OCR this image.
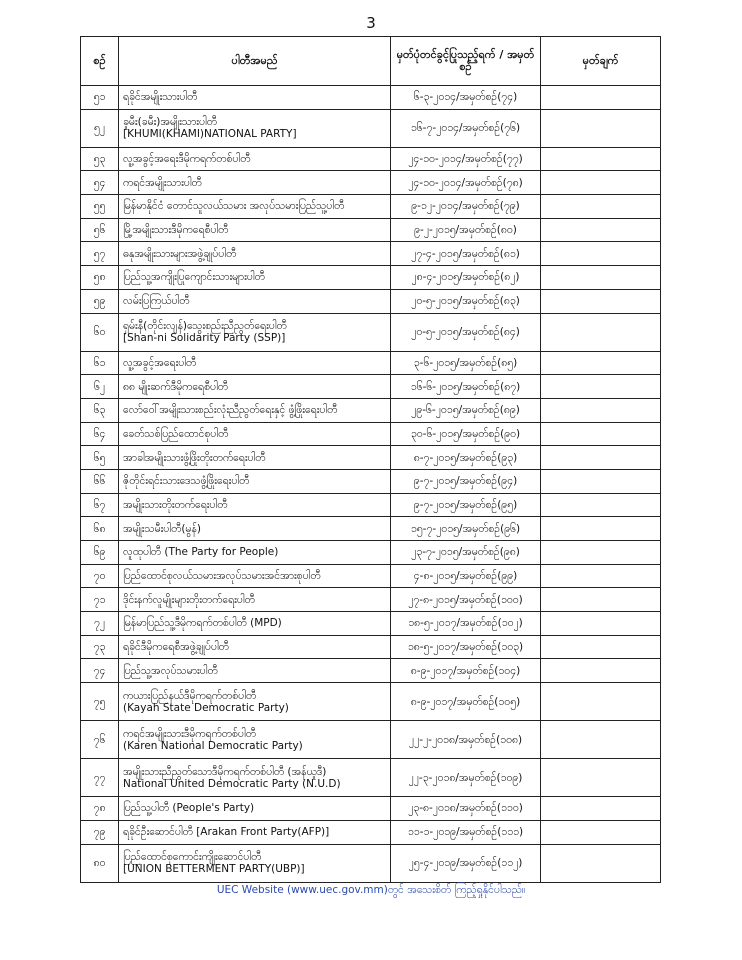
3
စဉ်	ပါတီအမည်	မှတ်ပုံတင်ခွင့်ပြုသည့်ရက် / အမှတ်စဉ်	မှတ်ချက်
၅၁	ရခိုင်အမျိုးသားပါတီ	၆-၃-၂၀၁၄/အမှတ်စဉ်(၇၄)	
၅၂	ခူမီး(ခမီး)အမျိုးသားပါတီ
[KHUMI(KHAMI)NATIONAL PARTY]	၁၆-၇-၂၀၁၄/အမှတ်စဉ်(၇၆)	
၅၃	လူ့အခွင့်အရေးဒီမိုကရက်တစ်ပါတီ	၂၄-၁၀-၂၀၁၄/အမှတ်စဉ်(၇၇)	
၅၄	ကရင်အမျိုးသားပါတီ	၂၄-၁၀-၂၀၁၄/အမှတ်စဉ်(၇၈)	
၅၅	မြန်မာနိုင်ငံ တောင်သူလယ်သမား အလုပ်သမားပြည်သူ့ပါတီ	၉-၁၂-၂၀၁၄/အမှတ်စဉ်(၇၉)	
၅၆	မြို့အမျိုးသားဒီမိုကရေစီပါတီ	၉-၂-၂၀၁၅/အမှတ်စဉ်(၈၀)	
၅၇	ဓနုအမျိုးသားများအဖွဲ့ချုပ်ပါတီ	၂၇-၄-၂၀၁၅/အမှတ်စဉ်(၈၁)	
၅၈	ပြည်သူ့အကျိုးပြုကျောင်းသားများပါတီ	၂၈-၄-၂၀၁၅/အမှတ်စဉ်(၈၂)	
၅၉	လမ်းပြကြယ်ပါတီ	၂၀-၅-၂၀၁၅/အမှတ်စဉ်(၈၃)	
၆၀	ရှမ်းနီ(တိုင်းလျန်)သွေးစည်းညီညွတ်ရေးပါတီ
[Shan-ni Solidarity Party (SSP)]	၂၀-၅-၂၀၁၅/အမှတ်စဉ်(၈၄)	
၆၁	လူ့အခွင့်အရေးပါတီ	၃-၆-၂၀၁၅/အမှတ်စဉ်(၈၅)	
၆၂	၈၈ မျိုးဆက်ဒီမိုကရေစီပါတီ	၁၆-၆-၂၀၁၅/အမှတ်စဉ်(၈၇)	
၆၃	လော်ဝေါ်အမျိုးသားစည်းလုံးညီညွတ်ရေးနှင့် ဖွံ့ဖြိုးရေးပါတီ	၂၉-၆-၂၀၁၅/အမှတ်စဉ်(၈၉)	
၆၄	ခေတ်သစ်ပြည်ထောင်စုပါတီ	၃၀-၆-၂၀၁၅/အမှတ်စဉ်(၉၀)	
၆၅	အာခါအမျိုးသားဖွံ့ဖြိုးတိုးတက်ရေးပါတီ	၈-၇-၂၀၁၅/အမှတ်စဉ်(၉၃)	
၆၆	ဇိုတိုင်းရင်းသားဒေသဖွံ့ဖြိုးရေးပါတီ	၉-၇-၂၀၁၅/အမှတ်စဉ်(၉၄)	
၆၇	အမျိုးသားတိုးတက်ရေးပါတီ	၉-၇-၂၀၁၅/အမှတ်စဉ်(၉၅)	
၆၈	အမျိုးသမီးပါတီ(မွန်)	၁၅-၇-၂၀၁၅/အမှတ်စဉ်(၉၆)	
၆၉	လူထုပါတီ (The Party for People)	၂၃-၇-၂၀၁၅/အမှတ်စဉ်(၉၈)	
၇၀	ပြည်ထောင်စုလယ်သမားအလုပ်သမားအင်အားစုပါတီ	၄-၈-၂၀၁၅/အမှတ်စဉ်(၉၉)	
၇၁	ဒိုင်းနက်လူမျိုးများတိုးတက်ရေးပါတီ	၂၇-၈-၂၀၁၅/အမှတ်စဉ်(၁၀၀)	
၇၂	မြန်မာပြည်သူ့ဒီမိုကရက်တစ်ပါတီ (MPD)	၁၈-၅-၂၀၁၇/အမှတ်စဉ်(၁၀၂)	
၇၃	ရခိုင်ဒီမိုကရေစီအဖွဲ့ချုပ်ပါတီ	၁၈-၅-၂၀၁၇/အမှတ်စဉ်(၁၀၃)	
၇၄	ပြည်သူ့အလုပ်သမားပါတီ	၈-၉-၂၀၁၇/အမှတ်စဉ်(၁၀၄)	
၇၅	ကယားပြည်နယ်ဒီမိုကရက်တစ်ပါတီ
(Kayah State Democratic Party)	၈-၉-၂၀၁၇/အမှတ်စဉ်(၁၀၅)	
၇၆	ကရင်အမျိုးသားဒီမိုကရက်တစ်ပါတီ
(Karen National Democratic Party)	၂၂-၂-၂၀၁၈/အမှတ်စဉ်(၁၀၈)	
၇၇	အမျိုးသားညီညွတ်သောဒီမိုကရက်တစ်ပါတီ (အန်ယူဒီ)
National United Democratic Party (N.U.D)	၂၂-၃-၂၀၁၈/အမှတ်စဉ်(၁၀၉)	
၇၈	ပြည်သူ့ပါတီ (People's Party)	၂၃-၈-၂၀၁၈/အမှတ်စဉ်(၁၁၀)	
၇၉	ရခိုင်ဦးဆောင်ပါတီ [Arakan Front Party(AFP)]	၁၁-၁-၂၀၁၉/အမှတ်စဉ်(၁၁၁)	
၈၀	ပြည်ထောင်စုကောင်းကျိုးဆောင်ပါတီ
[UNION BETTERMENT PARTY(UBP)]	၂၅-၄-၂၀၁၉/အမှတ်စဉ်(၁၁၂)	
UEC Website (www.uec.gov.mm)တွင် အသေးစိတ် ကြည့်ရှုနိုင်ပါသည်။
